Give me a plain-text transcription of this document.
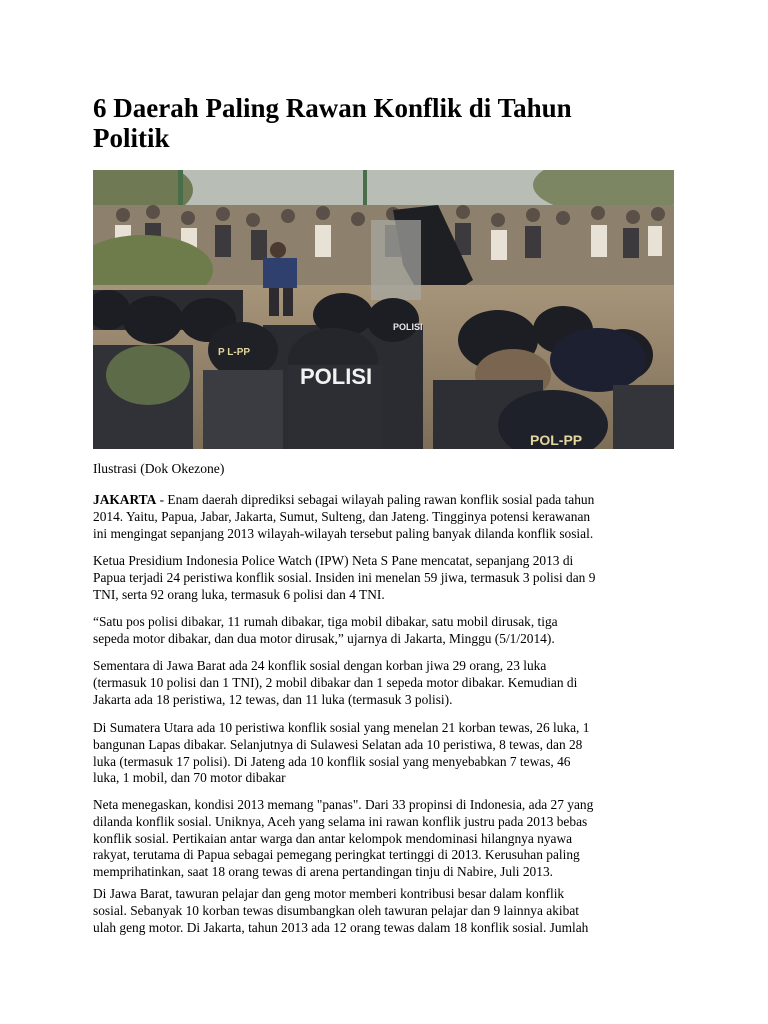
6 Daerah Paling Rawan Konflik di Tahun
Politik
POLISI
POL-PP
P L-PP
POLISI

Ilustrasi (Dok Okezone)

JAKARTA - Enam daerah diprediksi sebagai wilayah paling rawan konflik sosial pada tahun
2014. Yaitu, Papua, Jabar, Jakarta, Sumut, Sulteng, dan Jateng. Tingginya potensi kerawanan
ini mengingat sepanjang 2013 wilayah-wilayah tersebut paling banyak dilanda konflik sosial.

Ketua Presidium Indonesia Police Watch (IPW) Neta S Pane mencatat, sepanjang 2013 di
Papua terjadi 24 peristiwa konflik sosial. Insiden ini menelan 59 jiwa, termasuk 3 polisi dan 9
TNI, serta 92 orang luka, termasuk 6 polisi dan 4 TNI.

“Satu pos polisi dibakar, 11 rumah dibakar, tiga mobil dibakar, satu mobil dirusak, tiga
sepeda motor dibakar, dan dua motor dirusak,” ujarnya di Jakarta, Minggu (5/1/2014).

Sementara di Jawa Barat ada 24 konflik sosial dengan korban jiwa 29 orang, 23 luka
(termasuk 10 polisi dan 1 TNI), 2 mobil dibakar dan 1 sepeda motor dibakar. Kemudian di
Jakarta ada 18 peristiwa, 12 tewas, dan 11 luka (termasuk 3 polisi).

Di Sumatera Utara ada 10 peristiwa konflik sosial yang menelan 21 korban tewas, 26 luka, 1
bangunan Lapas dibakar. Selanjutnya di Sulawesi Selatan ada 10 peristiwa, 8 tewas, dan 28
luka (termasuk 17 polisi). Di Jateng ada 10 konflik sosial yang menyebabkan 7 tewas, 46
luka, 1 mobil, dan 70 motor dibakar

Neta menegaskan, kondisi 2013 memang "panas". Dari 33 propinsi di Indonesia, ada 27 yang
dilanda konflik sosial. Uniknya, Aceh yang selama ini rawan konflik justru pada 2013 bebas
konflik sosial. Pertikaian antar warga dan antar kelompok mendominasi hilangnya nyawa
rakyat, terutama di Papua sebagai pemegang peringkat tertinggi di 2013. Kerusuhan paling
memprihatinkan, saat 18 orang tewas di arena pertandingan tinju di Nabire, Juli 2013.

Di Jawa Barat, tawuran pelajar dan geng motor memberi kontribusi besar dalam konflik
sosial. Sebanyak 10 korban tewas disumbangkan oleh tawuran pelajar dan 9 lainnya akibat
ulah geng motor. Di Jakarta, tahun 2013 ada 12 orang tewas dalam 18 konflik sosial. Jumlah
